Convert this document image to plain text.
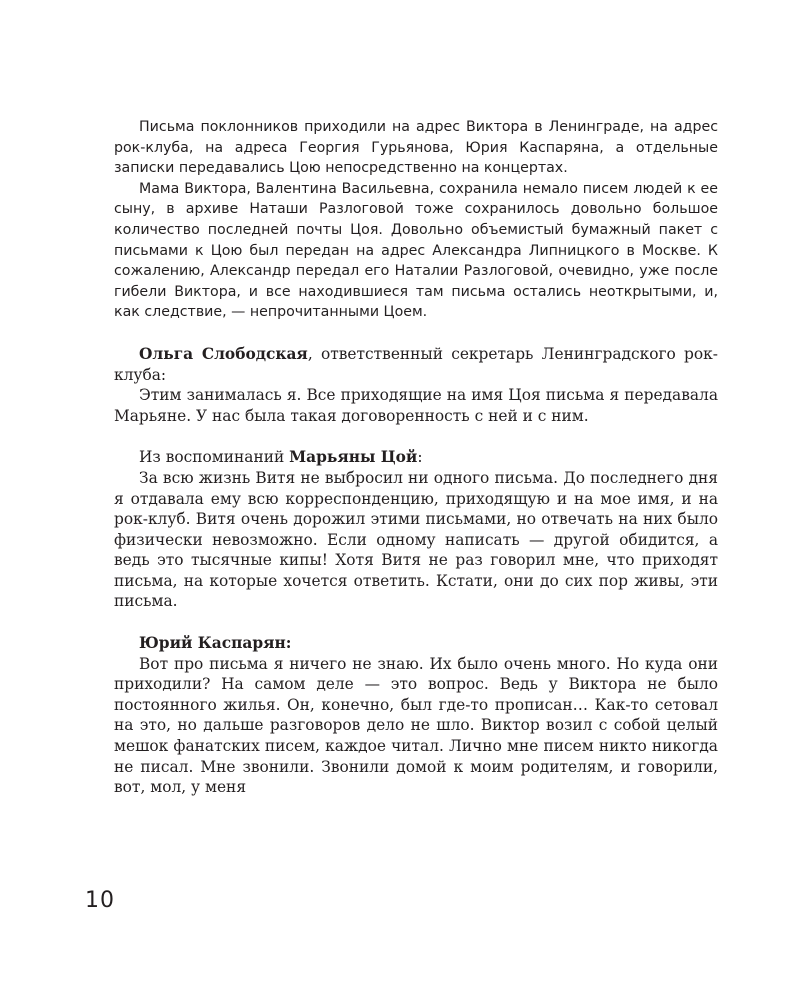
Письма поклонников приходили на адрес Виктора в Ленинграде, на адрес рок-клуба, на адреса Георгия Гурьянова, Юрия Каспаряна, а отдельные записки передавались Цою непосредственно на концертах.

Мама Виктора, Валентина Васильевна, сохранила немало писем людей к ее сыну, в архиве Наташи Разлоговой тоже сохранилось довольно большое количество последней почты Цоя. Довольно объемистый бумажный пакет с письмами к Цою был передан на адрес Александра Липницкого в Москве. К сожалению, Александр передал его Наталии Разлоговой, очевидно, уже после гибели Виктора, и все находившиеся там письма остались неоткрытыми, и, как следствие, — непрочитанными Цоем.

Ольга Слободская, ответственный секретарь Ленинградского рок-клуба:

Этим занималась я. Все приходящие на имя Цоя письма я передавала Марьяне. У нас была такая договоренность с ней и с ним.

Из воспоминаний Марьяны Цой:

За всю жизнь Витя не выбросил ни одного письма. До последнего дня я отдавала ему всю корреспонденцию, приходящую и на мое имя, и на рок-клуб. Витя очень дорожил этими письмами, но отвечать на них было физически невозможно. Если одному написать — другой обидится, а ведь это тысячные кипы! Хотя Витя не раз говорил мне, что приходят письма, на которые хочется ответить. Кстати, они до сих пор живы, эти письма.

Юрий Каспарян:

Вот про письма я ничего не знаю. Их было очень много. Но куда они приходили? На самом деле — это вопрос. Ведь у Виктора не было постоянного жилья. Он, конечно, был где-то прописан… Как-то сетовал на это, но дальше разговоров дело не шло. Виктор возил с собой целый мешок фанатских писем, каждое читал. Лично мне писем никто никогда не писал. Мне звонили. Звонили домой к моим родителям, и говорили, вот, мол, у меня

10
